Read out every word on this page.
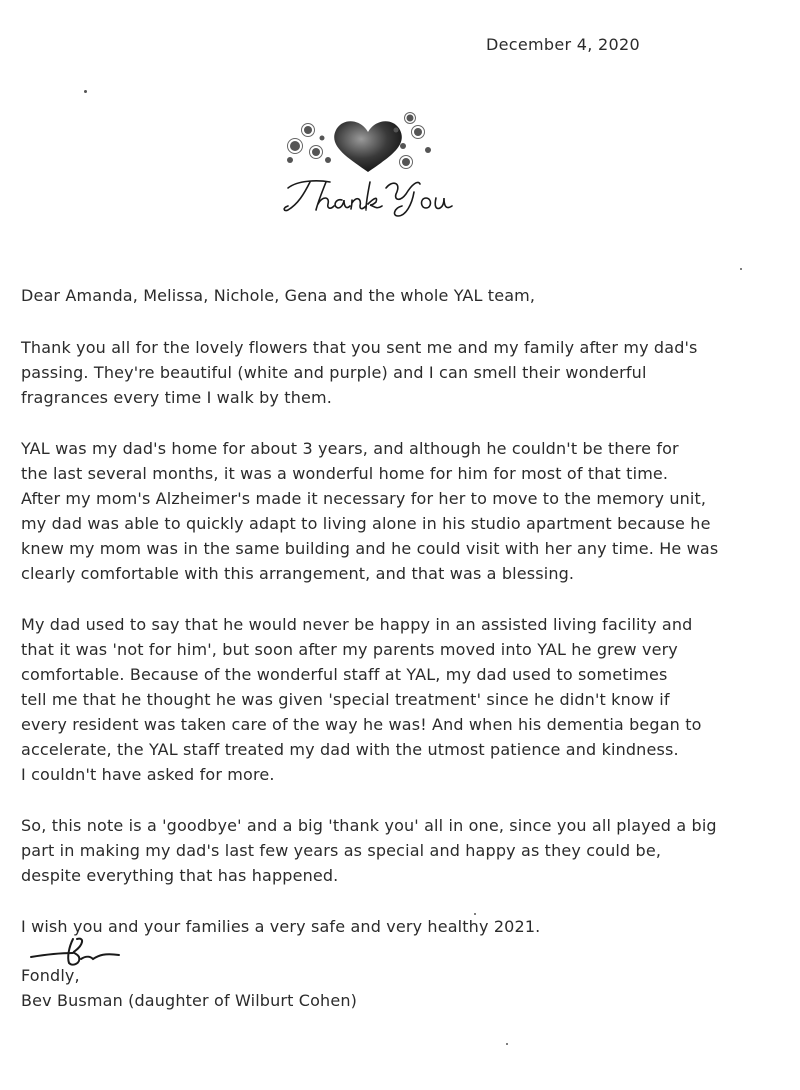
December 4, 2020
Thank You

Dear Amanda, Melissa, Nichole, Gena and the whole YAL team,

Thank you all for the lovely flowers that you sent me and my family after my dad's
passing. They're beautiful (white and purple) and I can smell their wonderful
fragrances every time I walk by them.

YAL was my dad's home for about 3 years, and although he couldn't be there for
the last several months, it was a wonderful home for him for most of that time.
After my mom's Alzheimer's made it necessary for her to move to the memory unit,
my dad was able to quickly adapt to living alone in his studio apartment because he
knew my mom was in the same building and he could visit with her any time. He was
clearly comfortable with this arrangement, and that was a blessing.

My dad used to say that he would never be happy in an assisted living facility and
that it was 'not for him', but soon after my parents moved into YAL he grew very
comfortable. Because of the wonderful staff at YAL, my dad used to sometimes
tell me that he thought he was given 'special treatment' since he didn't know if
every resident was taken care of the way he was! And when his dementia began to
accelerate, the YAL staff treated my dad with the utmost patience and kindness.
I couldn't have asked for more.

So, this note is a 'goodbye' and a big 'thank you' all in one, since you all played a big
part in making my dad's last few years as special and happy as they could be,
despite everything that has happened.

I wish you and your families a very safe and very healthy 2021.

Fondly,

Bev Busman (daughter of Wilburt Cohen)
